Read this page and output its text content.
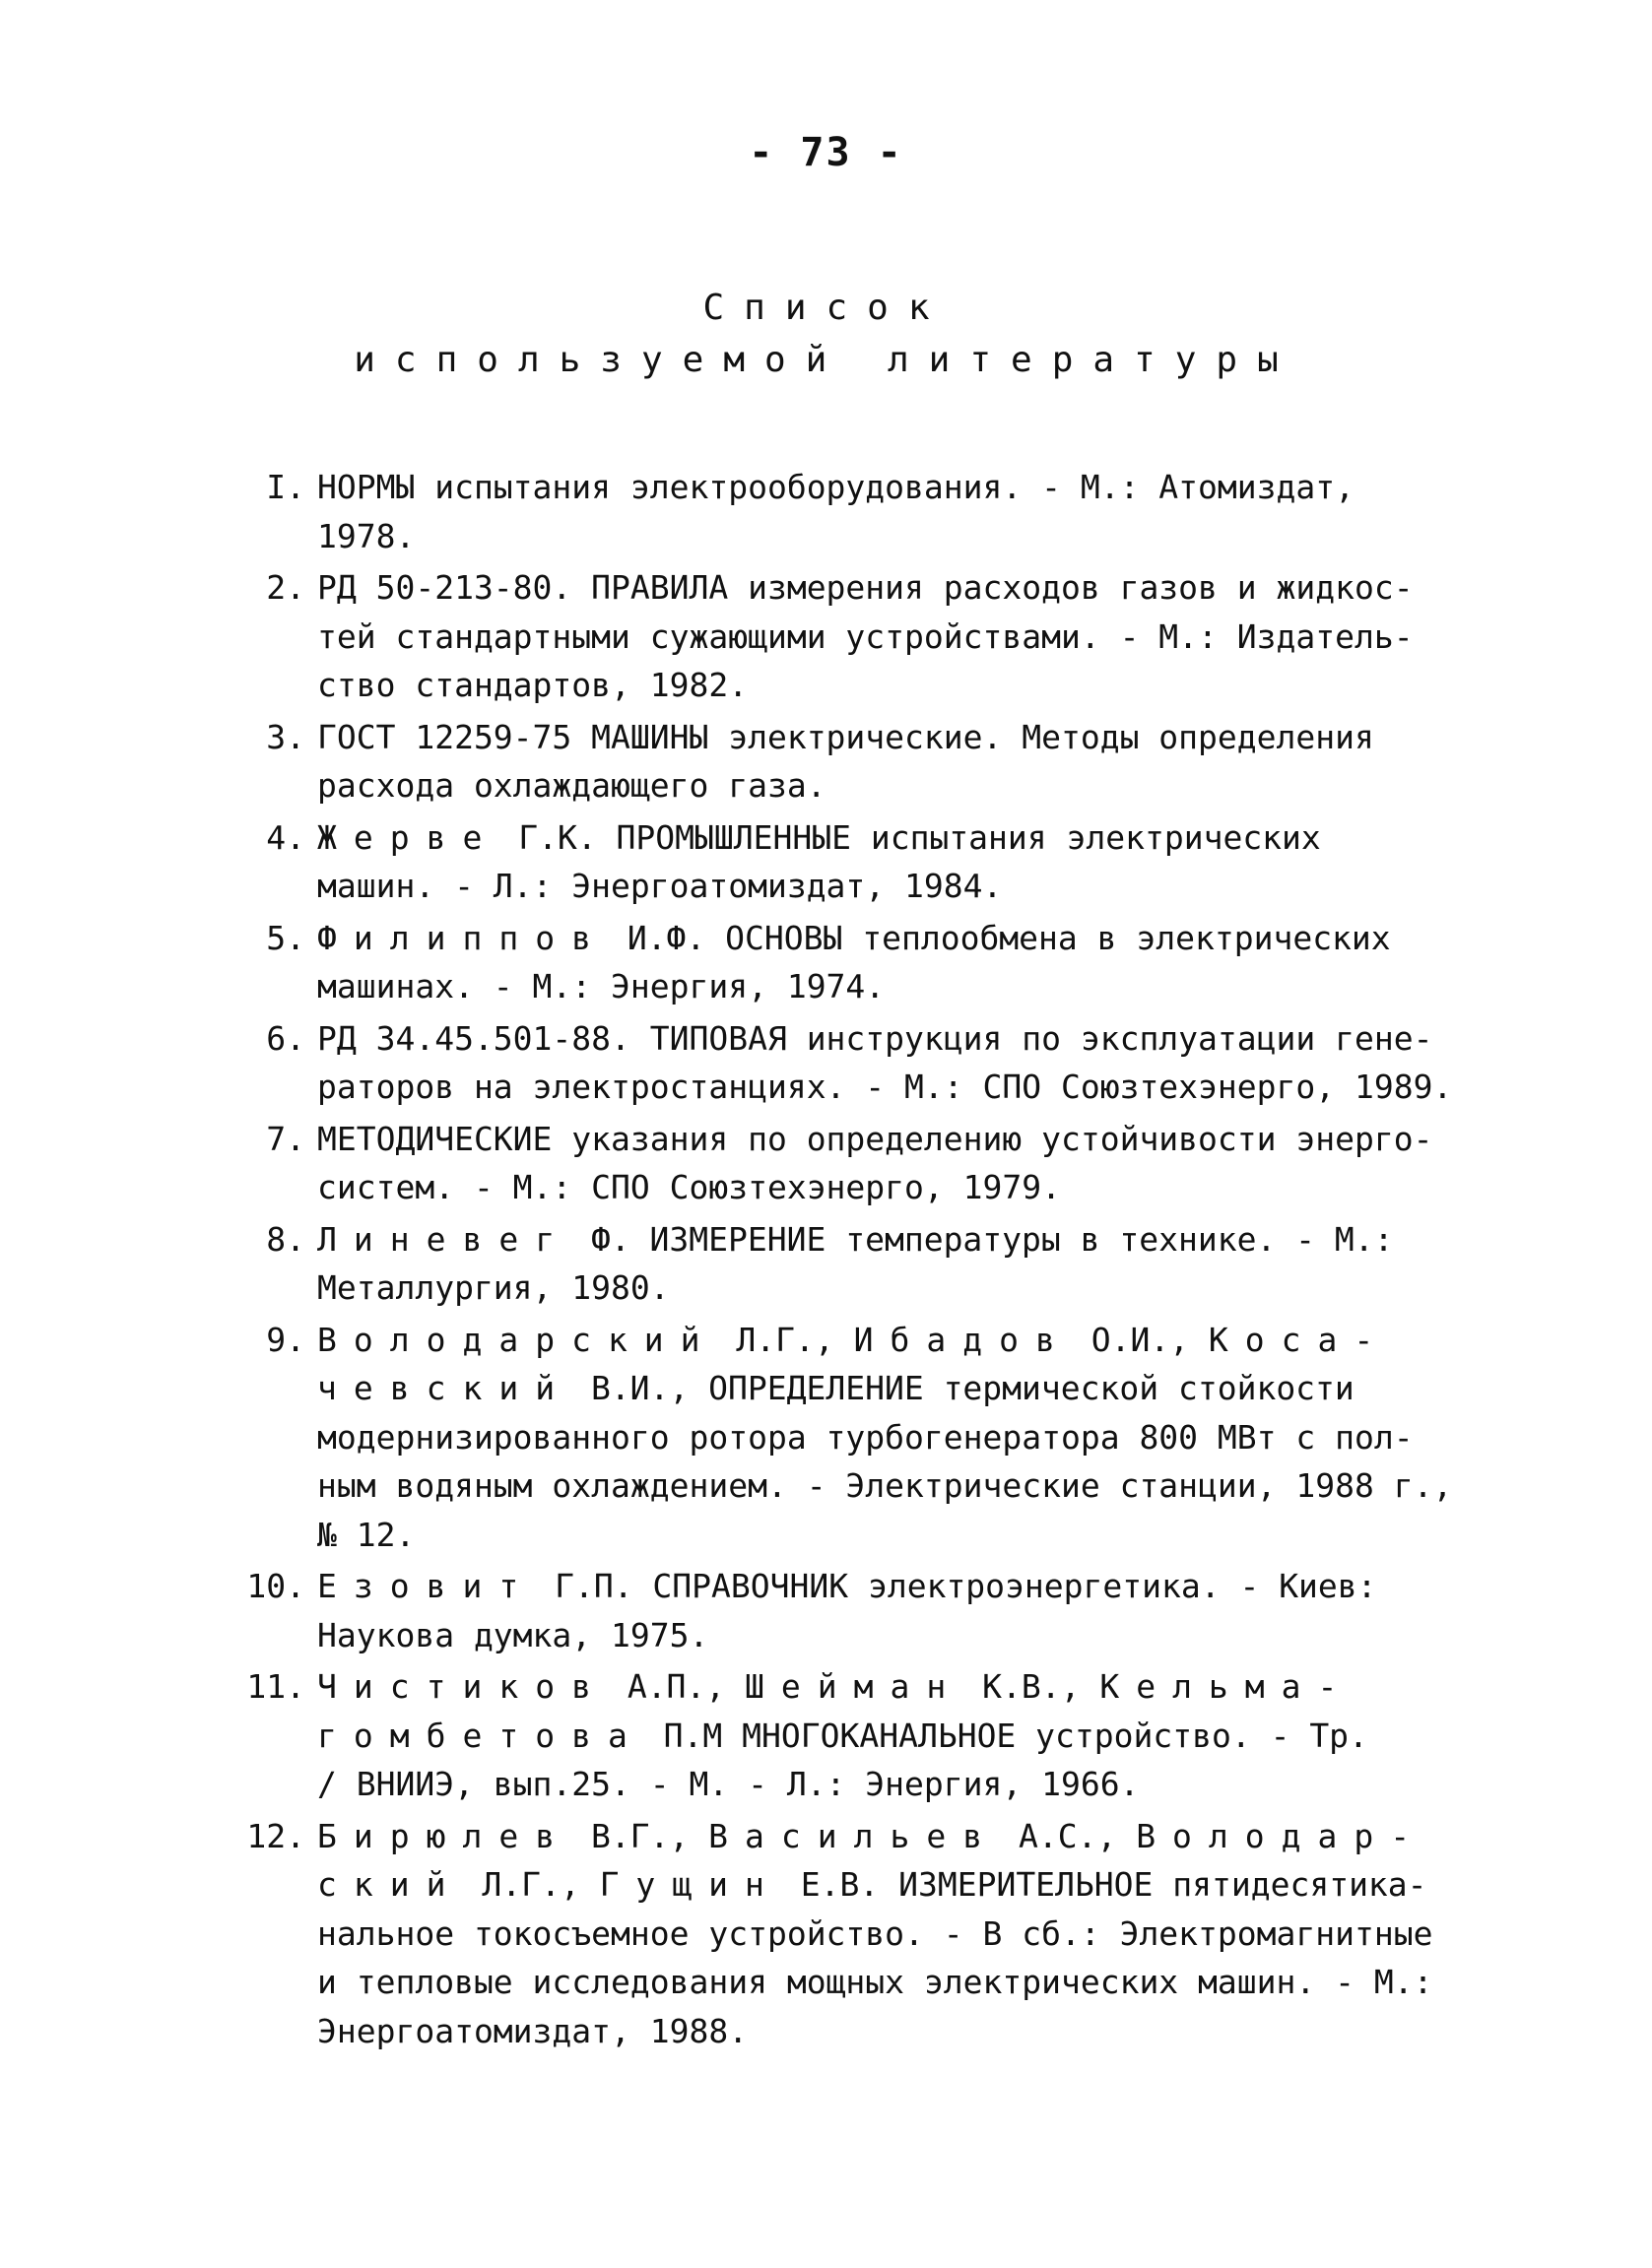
- 73 -
Список
используемой литературы
I. НОРМЫ испытания электрооборудования. - М.: Атомиздат,
1978.
2. РД 50-213-80. ПРАВИЛА измерения расходов газов и жидкос-
тей стандартными сужающими устройствами. - М.: Издатель-
ство стандартов, 1982.
3. ГОСТ 12259-75 МАШИНЫ электрические. Методы определения
расхода охлаждающего газа.
4. Жерве Г.К. ПРОМЫШЛЕННЫЕ испытания электрических
машин. - Л.: Энергоатомиздат, 1984.
5. Филиппов И.Ф. ОСНОВЫ теплообмена в электрических
машинах. - М.: Энергия, 1974.
6. РД 34.45.501-88. ТИПОВАЯ инструкция по эксплуатации гене-
раторов на электростанциях. - М.: СПО Союзтехэнерго, 1989.
7. МЕТОДИЧЕСКИЕ указания по определению устойчивости энерго-
систем. - М.: СПО Союзтехэнерго, 1979.
8. Линевег Ф. ИЗМЕРЕНИЕ температуры в технике. - М.:
Металлургия, 1980.
9. Володарский Л.Г., Ибадов О.И., Коса-
чевский В.И., ОПРЕДЕЛЕНИЕ термической стойкости
модернизированного ротора турбогенератора 800 МВт с пол-
ным водяным охлаждением. - Электрические станции, 1988 г.,
№ 12.
10. Езовит Г.П. СПРАВОЧНИК электроэнергетика. - Киев:
Наукова думка, 1975.
11. Чистиков А.П., Шейман К.В., Кельма-
гомбетова П.М МНОГОКАНАЛЬНОЕ устройство. - Тр.
/ ВНИИЭ, вып.25. - М. - Л.: Энергия, 1966.
12. Бирюлев В.Г., Васильев А.С., Володар-
ский Л.Г., Гущин Е.В. ИЗМЕРИТЕЛЬНОЕ пятидесятика-
нальное токосъемное устройство. - В сб.: Электромагнитные
и тепловые исследования мощных электрических машин. - М.:
Энергоатомиздат, 1988.
